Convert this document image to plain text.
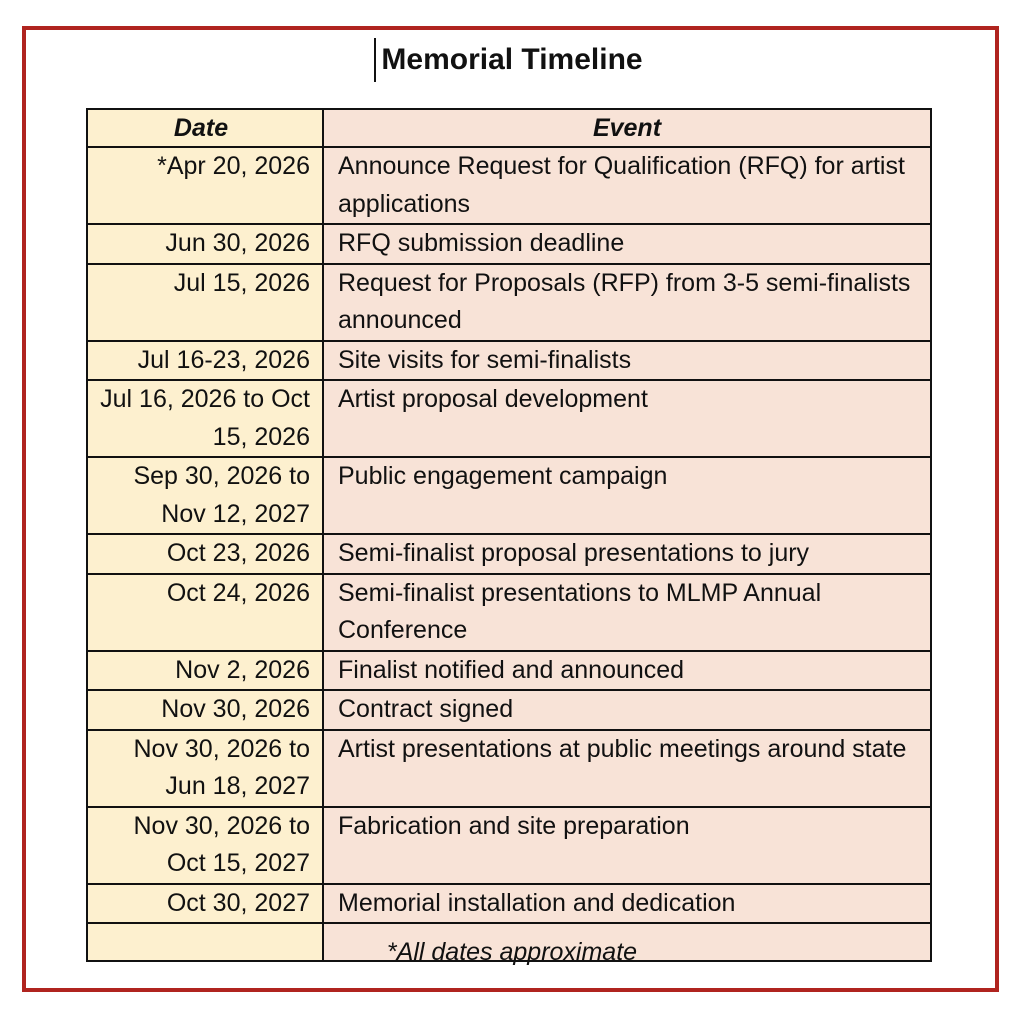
Memorial Timeline
Date	Event
*Apr 20, 2026	Announce Request for Qualification (RFQ) for artist applications
Jun 30, 2026	RFQ submission deadline
Jul 15, 2026	Request for Proposals (RFP) from 3-5 semi-finalists announced
Jul 16-23, 2026	Site visits for semi-finalists
Jul 16, 2026 to Oct 15, 2026	Artist proposal development
Sep 30, 2026 to Nov 12, 2027	Public engagement campaign
Oct 23, 2026	Semi-finalist proposal presentations to jury
Oct 24, 2026	Semi-finalist presentations to MLMP Annual Conference
Nov 2, 2026	Finalist notified and announced
Nov 30, 2026	Contract signed
Nov 30, 2026 to Jun 18, 2027	Artist presentations at public meetings around state
Nov 30, 2026 to Oct 15, 2027	Fabrication and site preparation
Oct 30, 2027	Memorial installation and dedication

*All dates approximate
